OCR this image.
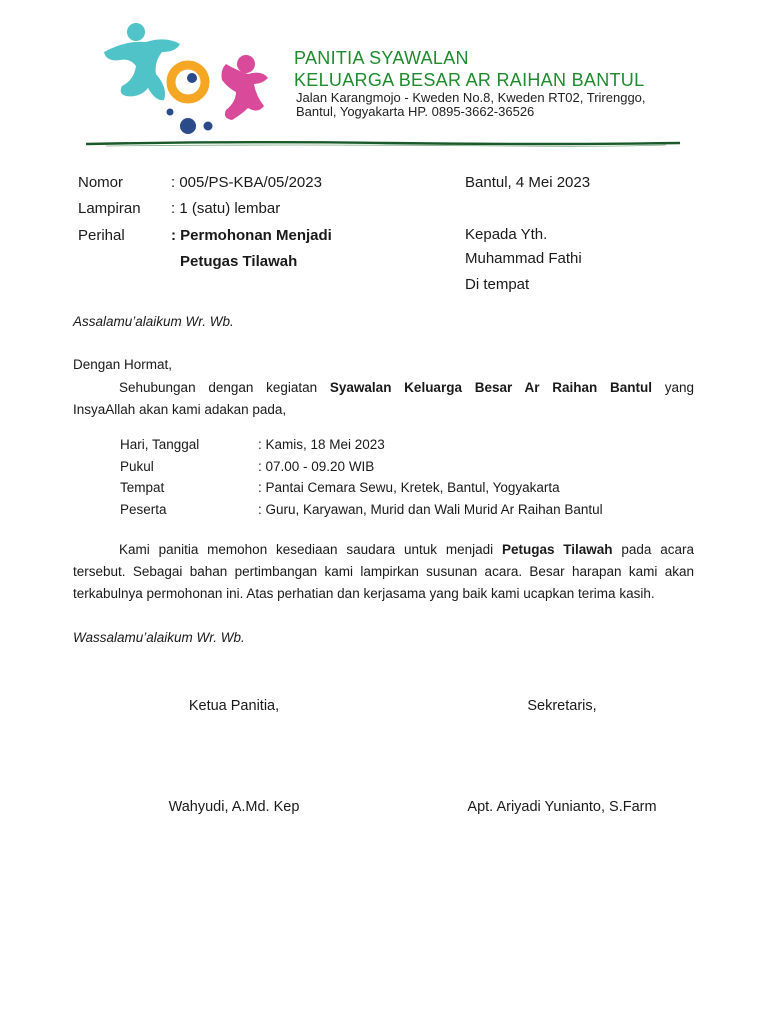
PANITIA SYAWALAN
KELUARGA BESAR AR RAIHAN BANTUL
Jalan Karangmojo - Kweden No.8, Kweden RT02, Trirenggo,
Bantul, Yogyakarta HP. 0895-3662-36526
Nomor	: 005/PS-KBA/05/2023
Lampiran : 1 (satu) lembar
Perihal	: Permohonan Menjadi
Petugas Tilawah
Bantul, 4 Mei 2023
Kepada Yth.
Muhammad Fathi
Di tempat
Assalamu’alaikum Wr. Wb.
Dengan Hormat,
Sehubungan dengan kegiatan Syawalan Keluarga Besar Ar Raihan Bantul yang
InsyaAllah akan kami adakan pada,
Hari, Tanggal	: Kamis, 18 Mei 2023
Pukul	: 07.00 - 09.20 WIB
Tempat	: Pantai Cemara Sewu, Kretek, Bantul, Yogyakarta
Peserta	: Guru, Karyawan, Murid dan Wali Murid Ar Raihan Bantul
Kami panitia memohon kesediaan saudara untuk menjadi Petugas Tilawah pada acara
tersebut. Sebagai bahan pertimbangan kami lampirkan susunan acara. Besar harapan kami akan
terkabulnya permohonan ini. Atas perhatian dan kerjasama yang baik kami ucapkan terima kasih.
Wassalamu’alaikum Wr. Wb.
Ketua Panitia,	Sekretaris,
Wahyudi, A.Md. Kep	Apt. Ariyadi Yunianto, S.Farm
